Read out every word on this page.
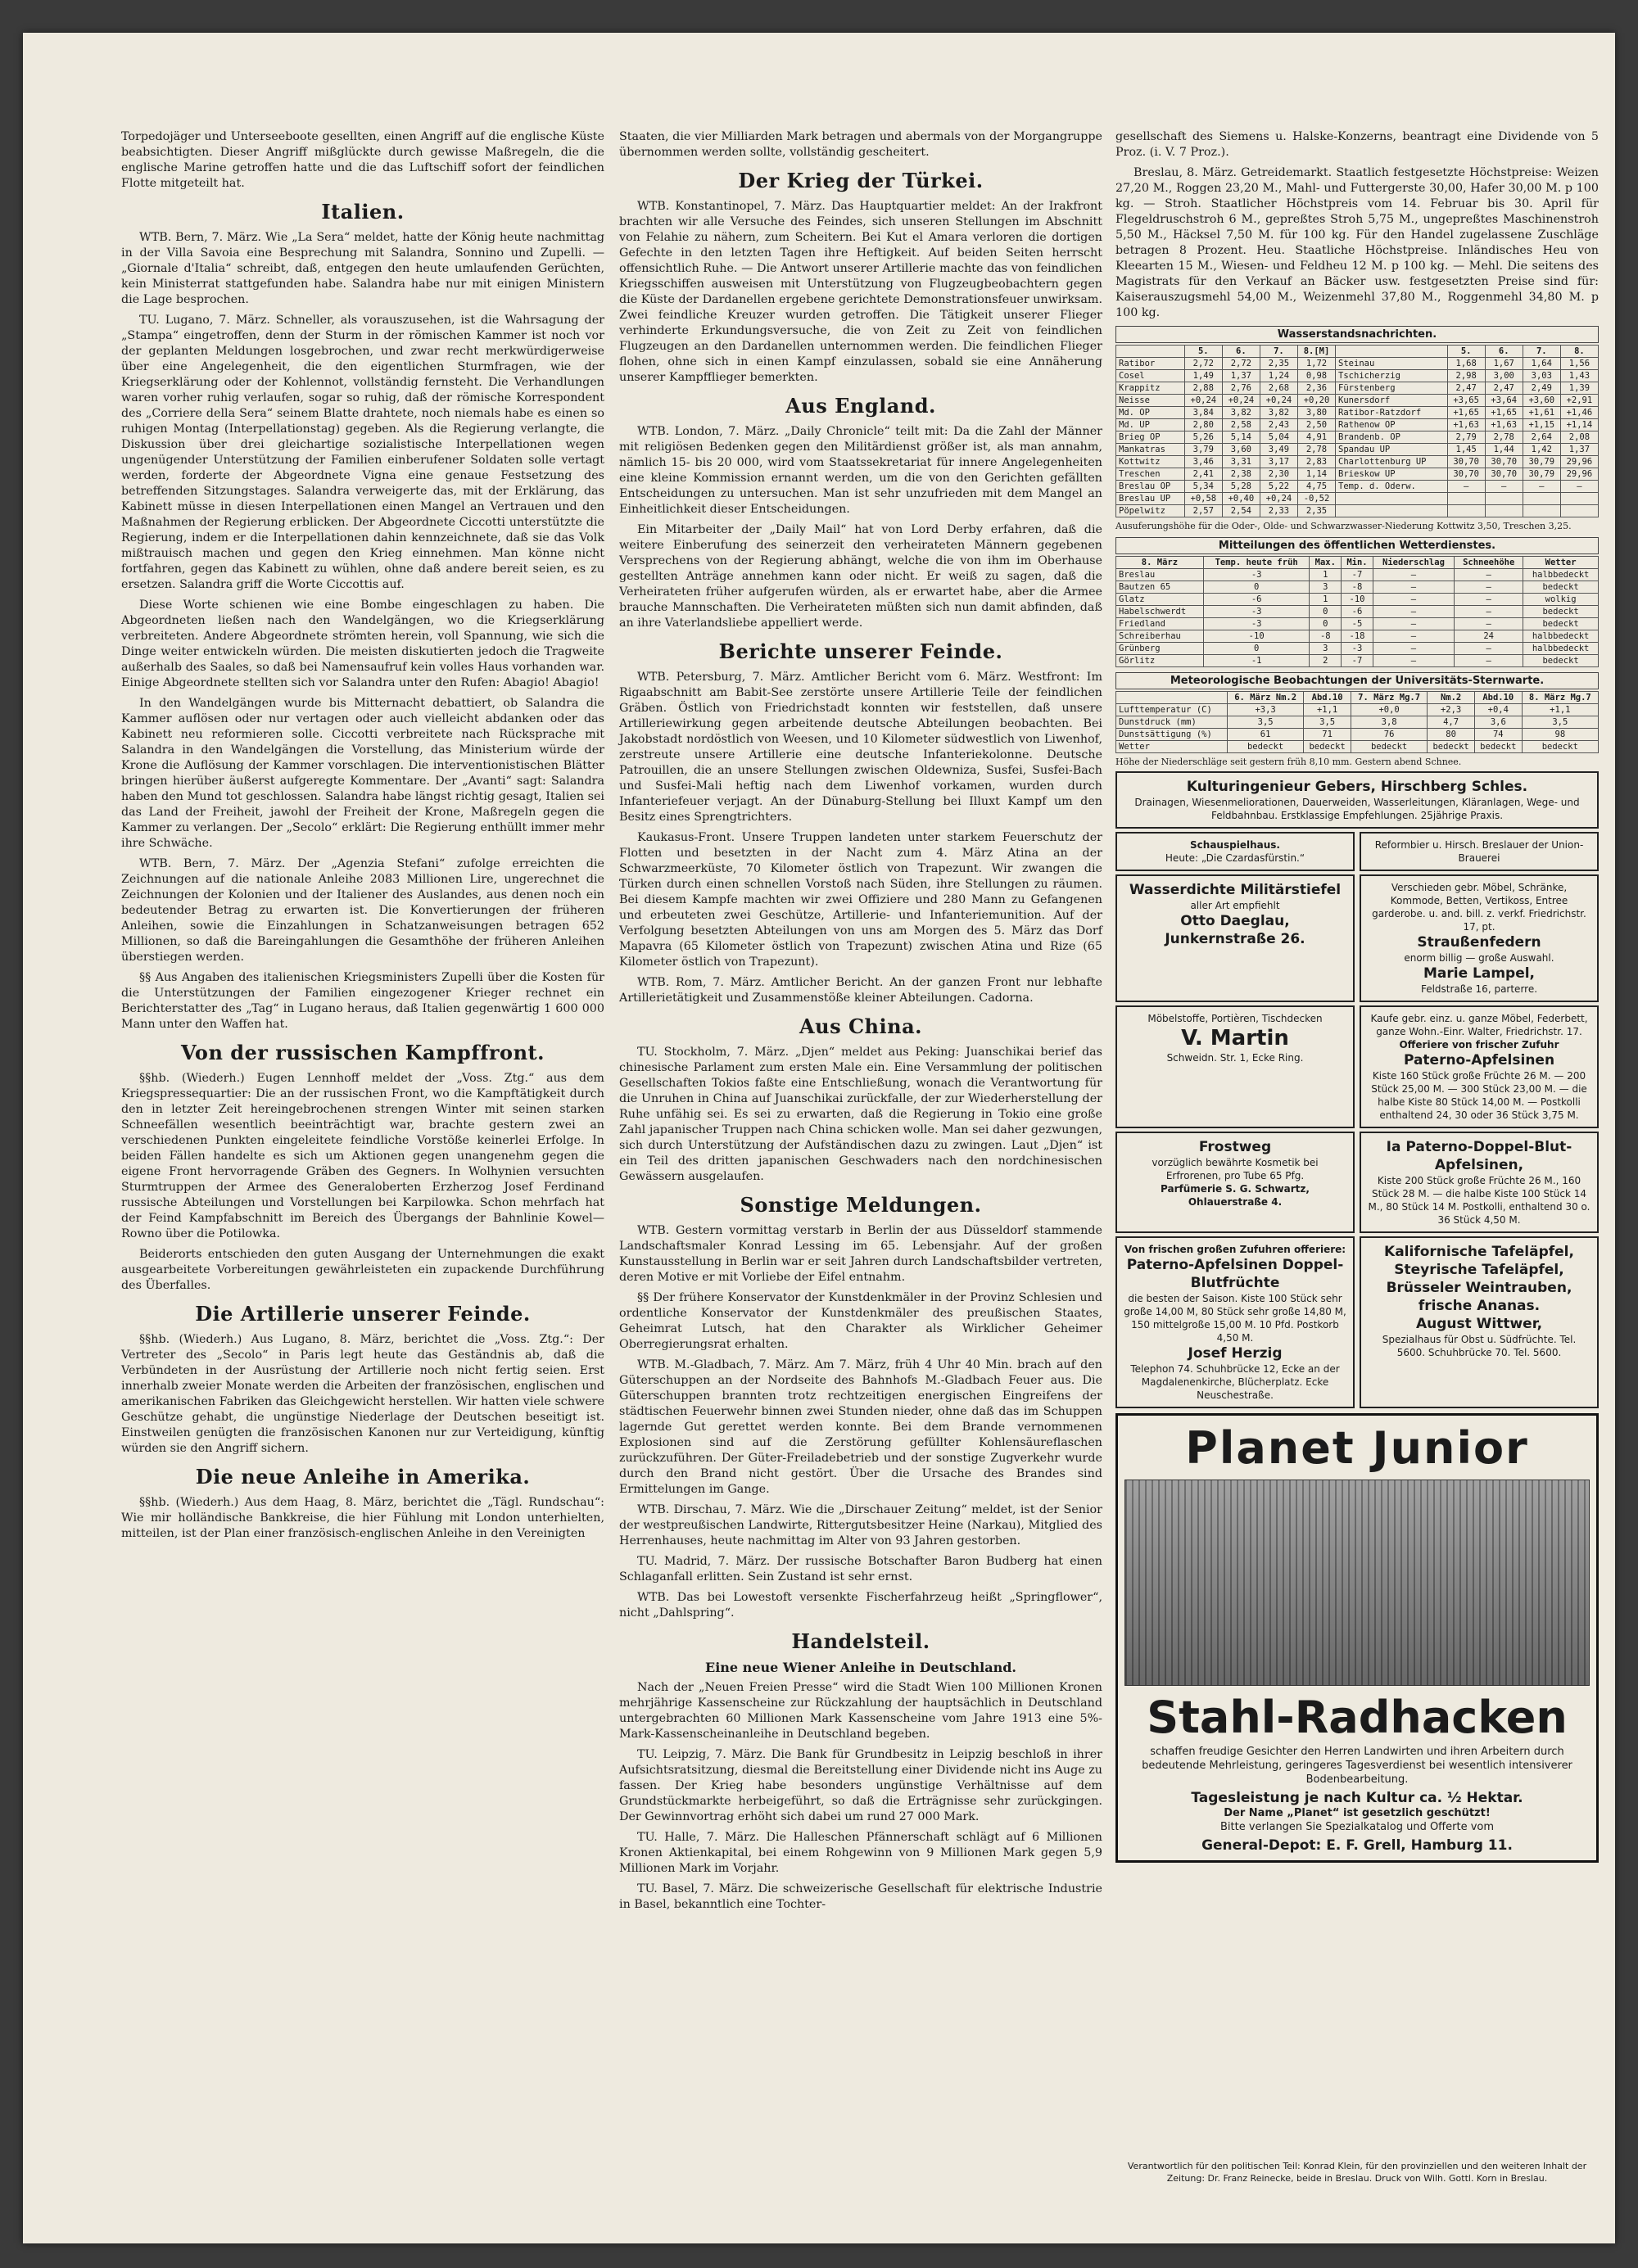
Torpedojäger und Unterseeboote gesellten, einen Angriff auf die englische Küste beabsichtigten. Dieser Angriff mißglückte durch gewisse Maßregeln, die die englische Marine getroffen hatte und die das Luftschiff sofort der feindlichen Flotte mitgeteilt hat.

Italien.

WTB. Bern, 7. März. Wie „La Sera“ meldet, hatte der König heute nachmittag in der Villa Savoia eine Besprechung mit Salandra, Sonnino und Zupelli. — „Giornale d'Italia“ schreibt, daß, entgegen den heute umlaufenden Gerüchten, kein Ministerrat stattgefunden habe. Salandra habe nur mit einigen Ministern die Lage besprochen.

TU. Lugano, 7. März. Schneller, als vorauszusehen, ist die Wahrsagung der „Stampa“ eingetroffen, denn der Sturm in der römischen Kammer ist noch vor der geplanten Meldungen losgebrochen, und zwar recht merkwürdigerweise über eine Angelegenheit, die den eigentlichen Sturmfragen, wie der Kriegserklärung oder der Kohlennot, vollständig fernsteht. Die Verhandlungen waren vorher ruhig verlaufen, sogar so ruhig, daß der römische Korrespondent des „Corriere della Sera“ seinem Blatte drahtete, noch niemals habe es einen so ruhigen Montag (Interpellationstag) gegeben. Als die Regierung verlangte, die Diskussion über drei gleichartige sozialistische Interpellationen wegen ungenügender Unterstützung der Familien einberufener Soldaten solle vertagt werden, forderte der Abgeordnete Vigna eine genaue Festsetzung des betreffenden Sitzungstages. Salandra verweigerte das, mit der Erklärung, das Kabinett müsse in diesen Interpellationen einen Mangel an Vertrauen und den Maßnahmen der Regierung erblicken. Der Abgeordnete Ciccotti unterstützte die Regierung, indem er die Interpellationen dahin kennzeichnete, daß sie das Volk mißtrauisch machen und gegen den Krieg einnehmen. Man könne nicht fortfahren, gegen das Kabinett zu wühlen, ohne daß andere bereit seien, es zu ersetzen. Salandra griff die Worte Ciccottis auf.

Diese Worte schienen wie eine Bombe eingeschlagen zu haben. Die Abgeordneten ließen nach den Wandelgängen, wo die Kriegserklärung verbreiteten. Andere Abgeordnete strömten herein, voll Spannung, wie sich die Dinge weiter entwickeln würden. Die meisten diskutierten jedoch die Tragweite außerhalb des Saales, so daß bei Namensaufruf kein volles Haus vorhanden war. Einige Abgeordnete stellten sich vor Salandra unter den Rufen: Abagio! Abagio!

In den Wandelgängen wurde bis Mitternacht debattiert, ob Salandra die Kammer auflösen oder nur vertagen oder auch vielleicht abdanken oder das Kabinett neu reformieren solle. Ciccotti verbreitete nach Rücksprache mit Salandra in den Wandelgängen die Vorstellung, das Ministerium würde der Krone die Auflösung der Kammer vorschlagen. Die interventionistischen Blätter bringen hierüber äußerst aufgeregte Kommentare. Der „Avanti“ sagt: Salandra haben den Mund tot geschlossen. Salandra habe längst richtig gesagt, Italien sei das Land der Freiheit, jawohl der Freiheit der Krone, Maßregeln gegen die Kammer zu verlangen. Der „Secolo“ erklärt: Die Regierung enthüllt immer mehr ihre Schwäche.

WTB. Bern, 7. März. Der „Agenzia Stefani“ zufolge erreichten die Zeichnungen auf die nationale Anleihe 2083 Millionen Lire, ungerechnet die Zeichnungen der Kolonien und der Italiener des Auslandes, aus denen noch ein bedeutender Betrag zu erwarten ist. Die Konvertierungen der früheren Anleihen, sowie die Einzahlungen in Schatzanweisungen betragen 652 Millionen, so daß die Bareingahlungen die Gesamthöhe der früheren Anleihen überstiegen werden.

§§ Aus Angaben des italienischen Kriegsministers Zupelli über die Kosten für die Unterstützungen der Familien eingezogener Krieger rechnet ein Berichterstatter des „Tag“ in Lugano heraus, daß Italien gegenwärtig 1 600 000 Mann unter den Waffen hat.

Von der russischen Kampffront.

§§hb. (Wiederh.) Eugen Lennhoff meldet der „Voss. Ztg.“ aus dem Kriegspressequartier: Die an der russischen Front, wo die Kampftätigkeit durch den in letzter Zeit hereingebrochenen strengen Winter mit seinen starken Schneefällen wesentlich beeinträchtigt war, brachte gestern zwei an verschiedenen Punkten eingeleitete feindliche Vorstöße keinerlei Erfolge. In beiden Fällen handelte es sich um Aktionen gegen unangenehm gegen die eigene Front hervorragende Gräben des Gegners. In Wolhynien versuchten Sturmtruppen der Armee des Generaloberten Erzherzog Josef Ferdinand russische Abteilungen und Vorstellungen bei Karpilowka. Schon mehrfach hat der Feind Kampfabschnitt im Bereich des Übergangs der Bahnlinie Kowel—Rowno über die Potilowka.

Beiderorts entschieden den guten Ausgang der Unternehmungen die exakt ausgearbeitete Vorbereitungen gewährleisteten ein zupackende Durchführung des Überfalles.

Die Artillerie unserer Feinde.

§§hb. (Wiederh.) Aus Lugano, 8. März, berichtet die „Voss. Ztg.“: Der Vertreter des „Secolo“ in Paris legt heute das Geständnis ab, daß die Verbündeten in der Ausrüstung der Artillerie noch nicht fertig seien. Erst innerhalb zweier Monate werden die Arbeiten der französischen, englischen und amerikanischen Fabriken das Gleichgewicht herstellen. Wir hatten viele schwere Geschütze gehabt, die ungünstige Niederlage der Deutschen beseitigt ist. Einstweilen genügten die französischen Kanonen nur zur Verteidigung, künftig würden sie den Angriff sichern.

Die neue Anleihe in Amerika.

§§hb. (Wiederh.) Aus dem Haag, 8. März, berichtet die „Tägl. Rundschau“: Wie mir holländische Bankkreise, die hier Fühlung mit London unterhielten, mitteilen, ist der Plan einer französisch-englischen Anleihe in den Vereinigten

Staaten, die vier Milliarden Mark betragen und abermals von der Morgangruppe übernommen werden sollte, vollständig gescheitert.

Der Krieg der Türkei.

WTB. Konstantinopel, 7. März. Das Hauptquartier meldet: An der Irakfront brachten wir alle Versuche des Feindes, sich unseren Stellungen im Abschnitt von Felahie zu nähern, zum Scheitern. Bei Kut el Amara verloren die dortigen Gefechte in den letzten Tagen ihre Heftigkeit. Auf beiden Seiten herrscht offensichtlich Ruhe. — Die Antwort unserer Artillerie machte das von feindlichen Kriegsschiffen ausweisen mit Unterstützung von Flugzeugbeobachtern gegen die Küste der Dardanellen ergebene gerichtete Demonstrationsfeuer unwirksam. Zwei feindliche Kreuzer wurden getroffen. Die Tätigkeit unserer Flieger verhinderte Erkundungsversuche, die von Zeit zu Zeit von feindlichen Flugzeugen an den Dardanellen unternommen werden. Die feindlichen Flieger flohen, ohne sich in einen Kampf einzulassen, sobald sie eine Annäherung unserer Kampfflieger bemerkten.

Aus England.

WTB. London, 7. März. „Daily Chronicle“ teilt mit: Da die Zahl der Männer mit religiösen Bedenken gegen den Militärdienst größer ist, als man annahm, nämlich 15- bis 20 000, wird vom Staatssekretariat für innere Angelegenheiten eine kleine Kommission ernannt werden, um die von den Gerichten gefällten Entscheidungen zu untersuchen. Man ist sehr unzufrieden mit dem Mangel an Einheitlichkeit dieser Entscheidungen.

Ein Mitarbeiter der „Daily Mail“ hat von Lord Derby erfahren, daß die weitere Einberufung des seinerzeit den verheirateten Männern gegebenen Versprechens von der Regierung abhängt, welche die von ihm im Oberhause gestellten Anträge annehmen kann oder nicht. Er weiß zu sagen, daß die Verheirateten früher aufgerufen würden, als er erwartet habe, aber die Armee brauche Mannschaften. Die Verheirateten müßten sich nun damit abfinden, daß an ihre Vaterlandsliebe appelliert werde.

Berichte unserer Feinde.

WTB. Petersburg, 7. März. Amtlicher Bericht vom 6. März. Westfront: Im Rigaabschnitt am Babit-See zerstörte unsere Artillerie Teile der feindlichen Gräben. Östlich von Friedrichstadt konnten wir feststellen, daß unsere Artilleriewirkung gegen arbeitende deutsche Abteilungen beobachten. Bei Jakobstadt nordöstlich von Weesen, und 10 Kilometer südwestlich von Liwenhof, zerstreute unsere Artillerie eine deutsche Infanteriekolonne. Deutsche Patrouillen, die an unsere Stellungen zwischen Oldewniza, Susfei, Susfei-Bach und Susfei-Mali heftig nach dem Liwenhof vorkamen, wurden durch Infanteriefeuer verjagt. An der Dünaburg-Stellung bei Illuxt Kampf um den Besitz eines Sprengtrichters.

Kaukasus-Front. Unsere Truppen landeten unter starkem Feuerschutz der Flotten und besetzten in der Nacht zum 4. März Atina an der Schwarzmeerküste, 70 Kilometer östlich von Trapezunt. Wir zwangen die Türken durch einen schnellen Vorstoß nach Süden, ihre Stellungen zu räumen. Bei diesem Kampfe machten wir zwei Offiziere und 280 Mann zu Gefangenen und erbeuteten zwei Geschütze, Artillerie- und Infanteriemunition. Auf der Verfolgung besetzten Abteilungen von uns am Morgen des 5. März das Dorf Mapavra (65 Kilometer östlich von Trapezunt) zwischen Atina und Rize (65 Kilometer östlich von Trapezunt).

WTB. Rom, 7. März. Amtlicher Bericht. An der ganzen Front nur lebhafte Artillerietätigkeit und Zusammenstöße kleiner Abteilungen. Cadorna.

Aus China.

TU. Stockholm, 7. März. „Djen“ meldet aus Peking: Juanschikai berief das chinesische Parlament zum ersten Male ein. Eine Versammlung der politischen Gesellschaften Tokios faßte eine Entschließung, wonach die Verantwortung für die Unruhen in China auf Juanschikai zurückfalle, der zur Wiederherstellung der Ruhe unfähig sei. Es sei zu erwarten, daß die Regierung in Tokio eine große Zahl japanischer Truppen nach China schicken wolle. Man sei daher gezwungen, sich durch Unterstützung der Aufständischen dazu zu zwingen. Laut „Djen“ ist ein Teil des dritten japanischen Geschwaders nach den nordchinesischen Gewässern ausgelaufen.

Sonstige Meldungen.

WTB. Gestern vormittag verstarb in Berlin der aus Düsseldorf stammende Landschaftsmaler Konrad Lessing im 65. Lebensjahr. Auf der großen Kunstausstellung in Berlin war er seit Jahren durch Landschaftsbilder vertreten, deren Motive er mit Vorliebe der Eifel entnahm.

§§ Der frühere Konservator der Kunstdenkmäler in der Provinz Schlesien und ordentliche Konservator der Kunstdenkmäler des preußischen Staates, Geheimrat Lutsch, hat den Charakter als Wirklicher Geheimer Oberregierungsrat erhalten.

WTB. M.-Gladbach, 7. März. Am 7. März, früh 4 Uhr 40 Min. brach auf den Güterschuppen an der Nordseite des Bahnhofs M.-Gladbach Feuer aus. Die Güterschuppen brannten trotz rechtzeitigen energischen Eingreifens der städtischen Feuerwehr binnen zwei Stunden nieder, ohne daß das im Schuppen lagernde Gut gerettet werden konnte. Bei dem Brande vernommenen Explosionen sind auf die Zerstörung gefüllter Kohlensäureflaschen zurückzuführen. Der Güter-Freiladebetrieb und der sonstige Zugverkehr wurde durch den Brand nicht gestört. Über die Ursache des Brandes sind Ermittelungen im Gange.

WTB. Dirschau, 7. März. Wie die „Dirschauer Zeitung“ meldet, ist der Senior der westpreußischen Landwirte, Rittergutsbesitzer Heine (Narkau), Mitglied des Herrenhauses, heute nachmittag im Alter von 93 Jahren gestorben.

TU. Madrid, 7. März. Der russische Botschafter Baron Budberg hat einen Schlaganfall erlitten. Sein Zustand ist sehr ernst.

WTB. Das bei Lowestoft versenkte Fischerfahrzeug heißt „Springflower“, nicht „Dahlspring“.

Handelsteil.
Eine neue Wiener Anleihe in Deutschland.

Nach der „Neuen Freien Presse“ wird die Stadt Wien 100 Millionen Kronen mehrjährige Kassenscheine zur Rückzahlung der hauptsächlich in Deutschland untergebrachten 60 Millionen Mark Kassenscheine vom Jahre 1913 eine 5%-Mark-Kassenscheinanleihe in Deutschland begeben.

TU. Leipzig, 7. März. Die Bank für Grundbesitz in Leipzig beschloß in ihrer Aufsichtsratsitzung, diesmal die Bereitstellung einer Dividende nicht ins Auge zu fassen. Der Krieg habe besonders ungünstige Verhältnisse auf dem Grundstückmarkte herbeigeführt, so daß die Erträgnisse sehr zurückgingen. Der Gewinnvortrag erhöht sich dabei um rund 27 000 Mark.

TU. Halle, 7. März. Die Halleschen Pfännerschaft schlägt auf 6 Millionen Kronen Aktienkapital, bei einem Rohgewinn von 9 Millionen Mark gegen 5,9 Millionen Mark im Vorjahr.

TU. Basel, 7. März. Die schweizerische Gesellschaft für elektrische Industrie in Basel, bekanntlich eine Tochter-

gesellschaft des Siemens u. Halske-Konzerns, beantragt eine Dividende von 5 Proz. (i. V. 7 Proz.).

Breslau, 8. März. Getreidemarkt. Staatlich festgesetzte Höchstpreise: Weizen 27,20 M., Roggen 23,20 M., Mahl- und Futtergerste 30,00, Hafer 30,00 M. p 100 kg. — Stroh. Staatlicher Höchstpreis vom 14. Februar bis 30. April für Flegeldruschstroh 6 M., gepreßtes Stroh 5,75 M., ungepreßtes Maschinenstroh 5,50 M., Häcksel 7,50 M. für 100 kg. Für den Handel zugelassene Zuschläge betragen 8 Prozent. Heu. Staatliche Höchstpreise. Inländisches Heu von Kleearten 15 M., Wiesen- und Feldheu 12 M. p 100 kg. — Mehl. Die seitens des Magistrats für den Verkauf an Bäcker usw. festgesetzten Preise sind für: Kaiserauszugsmehl 54,00 M., Weizenmehl 37,80 M., Roggenmehl 34,80 M. p 100 kg.

Wasserstandsnachrichten.
	5.	6.	7.	8.[M]		5.	6.	7.	8.
Ratibor	2,72	2,72	2,35	1,72	Steinau	1,68	1,67	1,64	1,56
Cosel	1,49	1,37	1,24	0,98	Tschicherzig	2,98	3,00	3,03	1,43
Krappitz	2,88	2,76	2,68	2,36	Fürstenberg	2,47	2,47	2,49	1,39
Neisse	+0,24	+0,24	+0,24	+0,20	Kunersdorf	+3,65	+3,64	+3,60	+2,91
Md. OP	3,84	3,82	3,82	3,80	Ratibor-Ratzdorf	+1,65	+1,65	+1,61	+1,46
Md. UP	2,80	2,58	2,43	2,50	Rathenow OP	+1,63	+1,63	+1,15	+1,14
Brieg OP	5,26	5,14	5,04	4,91	Brandenb. OP	2,79	2,78	2,64	2,08
Mankatras	3,79	3,60	3,49	2,78	Spandau UP	1,45	1,44	1,42	1,37
Kottwitz	3,46	3,31	3,17	2,83	Charlottenburg UP	30,70	30,70	30,79	29,96
Treschen	2,41	2,38	2,30	1,14	Brieskow UP	30,70	30,70	30,79	29,96
Breslau OP	5,34	5,28	5,22	4,75	Temp. d. Oderw.	—	—	—	—
Breslau UP	+0,58	+0,40	+0,24	-0,52					
Pöpelwitz	2,57	2,54	2,33	2,35					
Ausuferungshöhe für die Oder-, Olde- und Schwarzwasser-Niederung Kottwitz 3,50, Treschen 3,25.
Mitteilungen des öffentlichen Wetterdienstes.
8. März	Temp. heute früh	Max.	Min.	Niederschlag	Schneehöhe	Wetter
Breslau	-3	1	-7	—	—	halbbedeckt
Bautzen 65	0	3	-8	—	—	bedeckt
Glatz	-6	1	-10	—	—	wolkig
Habelschwerdt	-3	0	-6	—	—	bedeckt
Friedland	-3	0	-5	—	—	bedeckt
Schreiberhau	-10	-8	-18	—	24	halbbedeckt
Grünberg	0	3	-3	—	—	halbbedeckt
Görlitz	-1	2	-7	—	—	bedeckt
Meteorologische Beobachtungen der Universitäts-Sternwarte.
	6. März Nm.2	Abd.10	7. März Mg.7	Nm.2	Abd.10	8. März Mg.7
Lufttemperatur (C)	+3,3	+1,1	+0,0	+2,3	+0,4	+1,1
Dunstdruck (mm)	3,5	3,5	3,8	4,7	3,6	3,5
Dunstsättigung (%)	61	71	76	80	74	98
Wetter	bedeckt	bedeckt	bedeckt	bedeckt	bedeckt	bedeckt
Höhe der Niederschläge seit gestern früh 8,10 mm. Gestern abend Schnee.
Kulturingenieur Gebers, Hirschberg Schles.
Drainagen, Wiesenmeliorationen, Dauerweiden, Wasserleitungen, Kläranlagen, Wege- und Feldbahnbau. Erstklassige Empfehlungen. 25jährige Praxis.
Schauspielhaus.
Heute: „Die Czardasfürstin.“
Reformbier u. Hirsch. Breslauer der Union-Brauerei
Wasserdichte Militärstiefel
aller Art empfiehlt
Otto Daeglau, Junkernstraße 26.
Verschieden gebr. Möbel, Schränke, Kommode, Betten, Vertikoss, Entree garderobe. u. and. bill. z. verkf. Friedrichstr. 17, pt.
Straußenfedern
enorm billig — große Auswahl.
Marie Lampel,
Feldstraße 16, parterre.
Möbelstoffe, Portièren, Tischdecken
V. Martin
Schweidn. Str. 1, Ecke Ring.
Kaufe gebr. einz. u. ganze Möbel, Federbett, ganze Wohn.-Einr. Walter, Friedrichstr. 17.
Offeriere von frischer Zufuhr
Paterno-Apfelsinen
Kiste 160 Stück große Früchte 26 M. — 200 Stück 25,00 M. — 300 Stück 23,00 M. — die halbe Kiste 80 Stück 14,00 M. — Postkolli enthaltend 24, 30 oder 36 Stück 3,75 M.
Frostweg
vorzüglich bewährte Kosmetik bei Erfrorenen, pro Tube 65 Pfg.
Parfümerie S. G. Schwartz, Ohlauerstraße 4.
Ia Paterno-Doppel-Blut-Apfelsinen,
Kiste 200 Stück große Früchte 26 M., 160 Stück 28 M. — die halbe Kiste 100 Stück 14 M., 80 Stück 14 M. Postkolli, enthaltend 30 o. 36 Stück 4,50 M.
Von frischen großen Zufuhren offeriere:
Paterno-Apfelsinen Doppel-Blutfrüchte
die besten der Saison. Kiste 100 Stück sehr große 14,00 M, 80 Stück sehr große 14,80 M, 150 mittelgroße 15,00 M. 10 Pfd. Postkorb 4,50 M.
Josef Herzig
Telephon 74. Schuhbrücke 12, Ecke an der Magdalenenkirche, Blücherplatz. Ecke Neuschestraße.
Kalifornische Tafeläpfel, Steyrische Tafeläpfel, Brüsseler Weintrauben, frische Ananas.
August Wittwer,
Spezialhaus für Obst u. Südfrüchte. Tel. 5600. Schuhbrücke 70. Tel. 5600.
Planet Junior
Stahl-Radhacken
schaffen freudige Gesichter den Herren Landwirten und ihren Arbeitern durch bedeutende Mehrleistung, geringeres Tagesverdienst bei wesentlich intensiverer Bodenbearbeitung.
Tagesleistung je nach Kultur ca. ½ Hektar.
Der Name „Planet“ ist gesetzlich geschützt!
Bitte verlangen Sie Spezialkatalog und Offerte vom
General-Depot: E. F. Grell, Hamburg 11.
Verantwortlich für den politischen Teil: Konrad Klein, für den provinziellen und den weiteren Inhalt der Zeitung: Dr. Franz Reinecke, beide in Breslau. Druck von Wilh. Gottl. Korn in Breslau.
